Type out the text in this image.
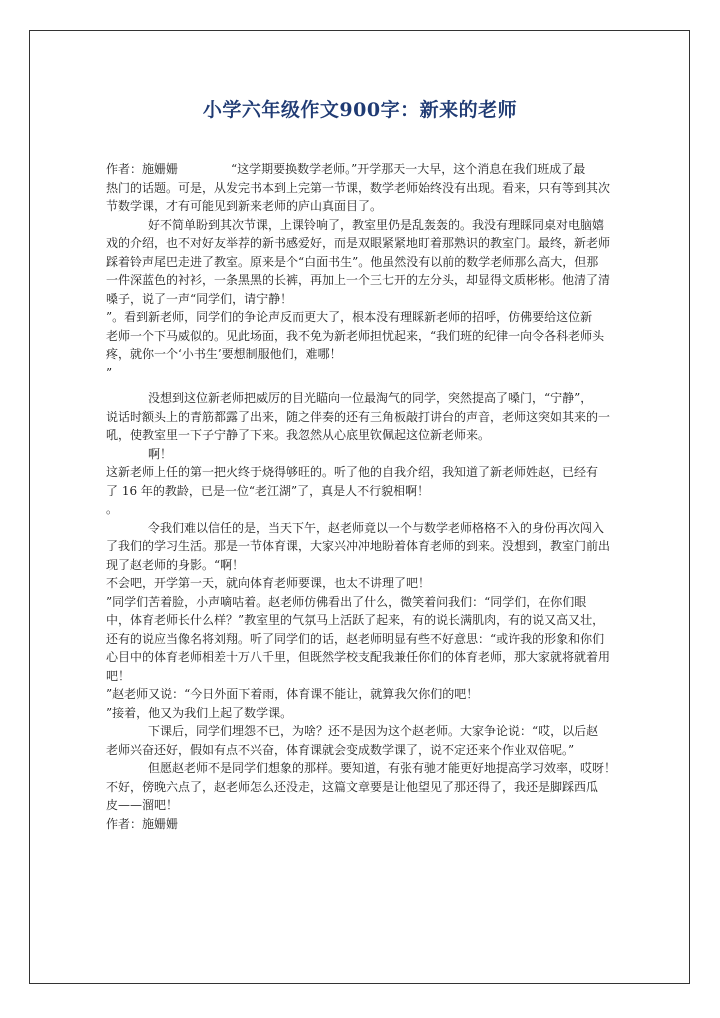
小学六年级作文900字：新来的老师
作者：施姗姗	“这学期要换数学老师。”开学那天一大早，这个消息在我们班成了最
热门的话题。可是，从发完书本到上完第一节课，数学老师始终没有出现。看来，只有等到其次
节数学课，才有可能见到新来老师的庐山真面目了。
好不简单盼到其次节课，上课铃响了，教室里仍是乱轰轰的。我没有理睬同桌对电脑嬉
戏的介绍，也不对好友举荐的新书感爱好，而是双眼紧紧地盯着那熟识的教室门。最终，新老师
踩着铃声尾巴走进了教室。原来是个“白面书生”。他虽然没有以前的数学老师那么高大，但那
一件深蓝色的衬衫，一条黑黑的长裤，再加上一个三七开的左分头，却显得文质彬彬。他清了清
嗓子，说了一声“同学们，请宁静！
”。看到新老师，同学们的争论声反而更大了，根本没有理睬新老师的招呼，仿佛要给这位新
老师一个下马威似的。见此场面，我不免为新老师担忧起来，“我们班的纪律一向令各科老师头
疼，就你一个‘小书生’要想制服他们，难哪！
”
没想到这位新老师把威厉的目光瞄向一位最淘气的同学，突然提高了嗓门，“宁静”，
说话时额头上的青筋都露了出来，随之伴奏的还有三角板敲打讲台的声音，老师这突如其来的一
吼，使教室里一下子宁静了下来。我忽然从心底里钦佩起这位新老师来。
啊！
这新老师上任的第一把火终于烧得够旺的。听了他的自我介绍，我知道了新老师姓赵，已经有
了 16 年的教龄，已是一位“老江湖”了，真是人不行貌相啊！
。
令我们难以信任的是，当天下午，赵老师竟以一个与数学老师格格不入的身份再次闯入
了我们的学习生活。那是一节体育课，大家兴冲冲地盼着体育老师的到来。没想到，教室门前出
现了赵老师的身影。“啊！
不会吧，开学第一天，就向体育老师要课，也太不讲理了吧！
”同学们苦着脸，小声嘀咕着。赵老师仿佛看出了什么，微笑着问我们：“同学们，在你们眼
中，体育老师长什么样？”教室里的气氛马上活跃了起来，有的说长满肌肉，有的说又高又壮，
还有的说应当像名将刘翔。听了同学们的话，赵老师明显有些不好意思：“或许我的形象和你们
心目中的体育老师相差十万八千里，但既然学校支配我兼任你们的体育老师，那大家就将就着用
吧！
”赵老师又说：“今日外面下着雨，体育课不能让，就算我欠你们的吧！
”接着，他又为我们上起了数学课。
下课后，同学们埋怨不已，为啥？还不是因为这个赵老师。大家争论说：“哎，以后赵
老师兴奋还好，假如有点不兴奋，体育课就会变成数学课了，说不定还来个作业双倍呢。”
但愿赵老师不是同学们想象的那样。要知道，有张有驰才能更好地提高学习效率，哎呀！
不好，傍晚六点了，赵老师怎么还没走，这篇文章要是让他望见了那还得了，我还是脚踩西瓜
皮——溜吧！
作者：施姗姗
